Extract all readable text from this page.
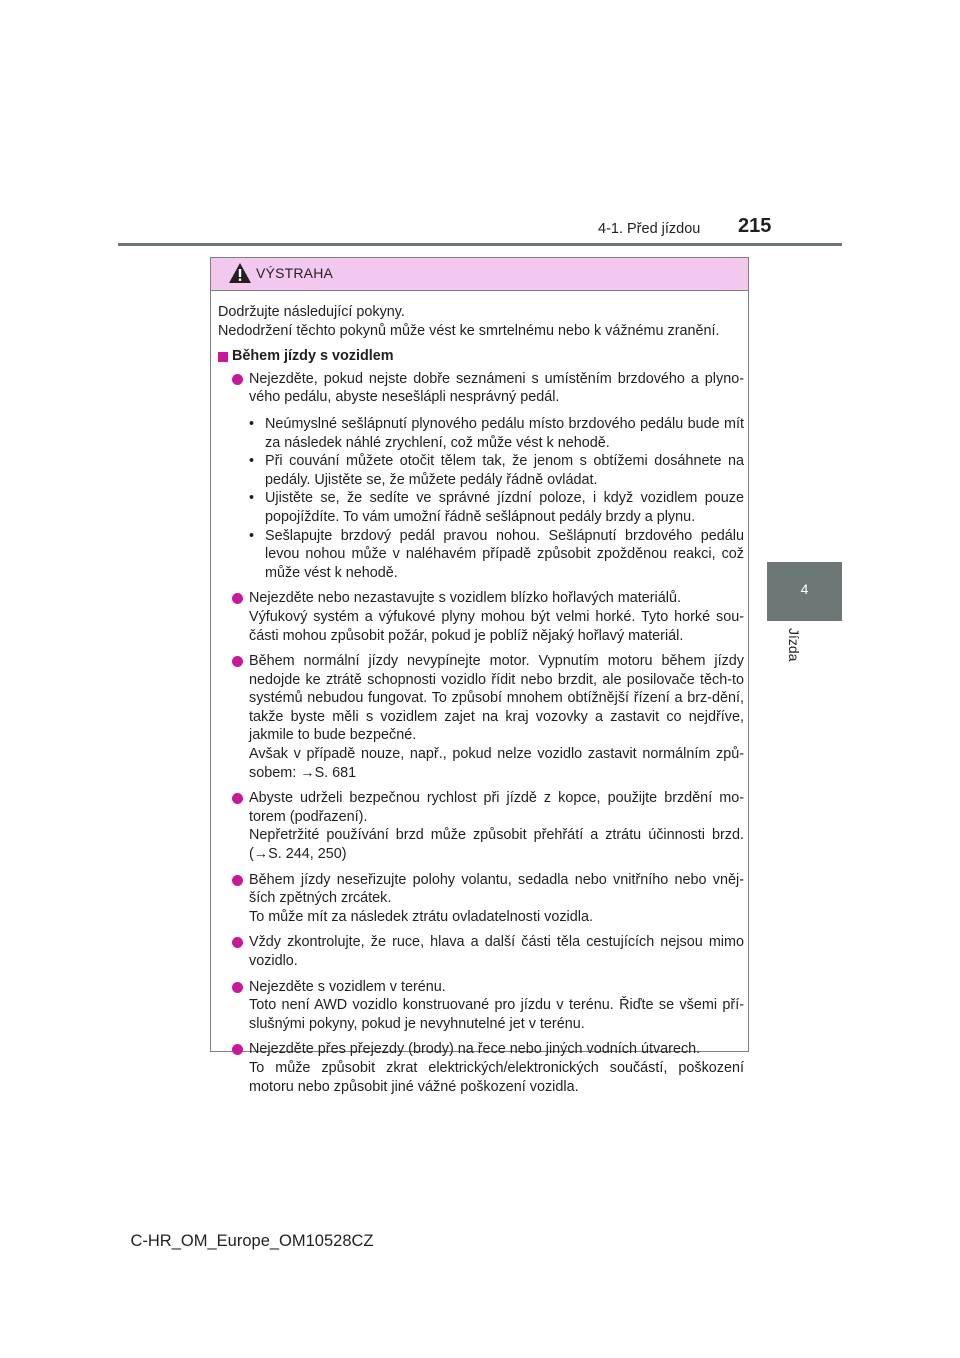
4-1. Před jízdou 215
4
Jízda
VÝSTRAHA
Dodržujte následující pokyny.
Nedodržení těchto pokynů může vést ke smrtelnému nebo k vážnému zranění.
Během jízdy s vozidlem
Nejezděte, pokud nejste dobře seznámeni s umístěním brzdového a plyno-vého pedálu, abyste nesešlápli nesprávný pedál.
• Neúmyslné sešlápnutí plynového pedálu místo brzdového pedálu bude mít za následek náhlé zrychlení, což může vést k nehodě.
• Při couvání můžete otočit tělem tak, že jenom s obtížemi dosáhnete na pedály. Ujistěte se, že můžete pedály řádně ovládat.
• Ujistěte se, že sedíte ve správné jízdní poloze, i když vozidlem pouze popojíždíte. To vám umožní řádně sešlápnout pedály brzdy a plynu.
• Sešlapujte brzdový pedál pravou nohou. Sešlápnutí brzdového pedálu levou nohou může v naléhavém případě způsobit zpožděnou reakci, což může vést k nehodě.
Nejezděte nebo nezastavujte s vozidlem blízko hořlavých materiálů.
Výfukový systém a výfukové plyny mohou být velmi horké. Tyto horké sou-části mohou způsobit požár, pokud je poblíž nějaký hořlavý materiál.
Během normální jízdy nevypínejte motor. Vypnutím motoru během jízdy nedojde ke ztrátě schopnosti vozidlo řídit nebo brzdit, ale posilovače těch-to systémů nebudou fungovat. To způsobí mnohem obtížnější řízení a brz-dění, takže byste měli s vozidlem zajet na kraj vozovky a zastavit co nejdříve, jakmile to bude bezpečné.
Avšak v případě nouze, např., pokud nelze vozidlo zastavit normálním způ-sobem: →S. 681
Abyste udrželi bezpečnou rychlost při jízdě z kopce, použijte brzdění mo-torem (podřazení).
Nepřetržité používání brzd může způsobit přehřátí a ztrátu účinnosti brzd. (→S. 244, 250)
Během jízdy neseřizujte polohy volantu, sedadla nebo vnitřního nebo vněj-ších zpětných zrcátek.
To může mít za následek ztrátu ovladatelnosti vozidla.
Vždy zkontrolujte, že ruce, hlava a další části těla cestujících nejsou mimo vozidlo.
Nejezděte s vozidlem v terénu.
Toto není AWD vozidlo konstruované pro jízdu v terénu. Řiďte se všemi pří-slušnými pokyny, pokud je nevyhnutelné jet v terénu.
Nejezděte přes přejezdy (brody) na řece nebo jiných vodních útvarech.
To může způsobit zkrat elektrických/elektronických součástí, poškození motoru nebo způsobit jiné vážné poškození vozidla.
C-HR_OM_Europe_OM10528CZ
